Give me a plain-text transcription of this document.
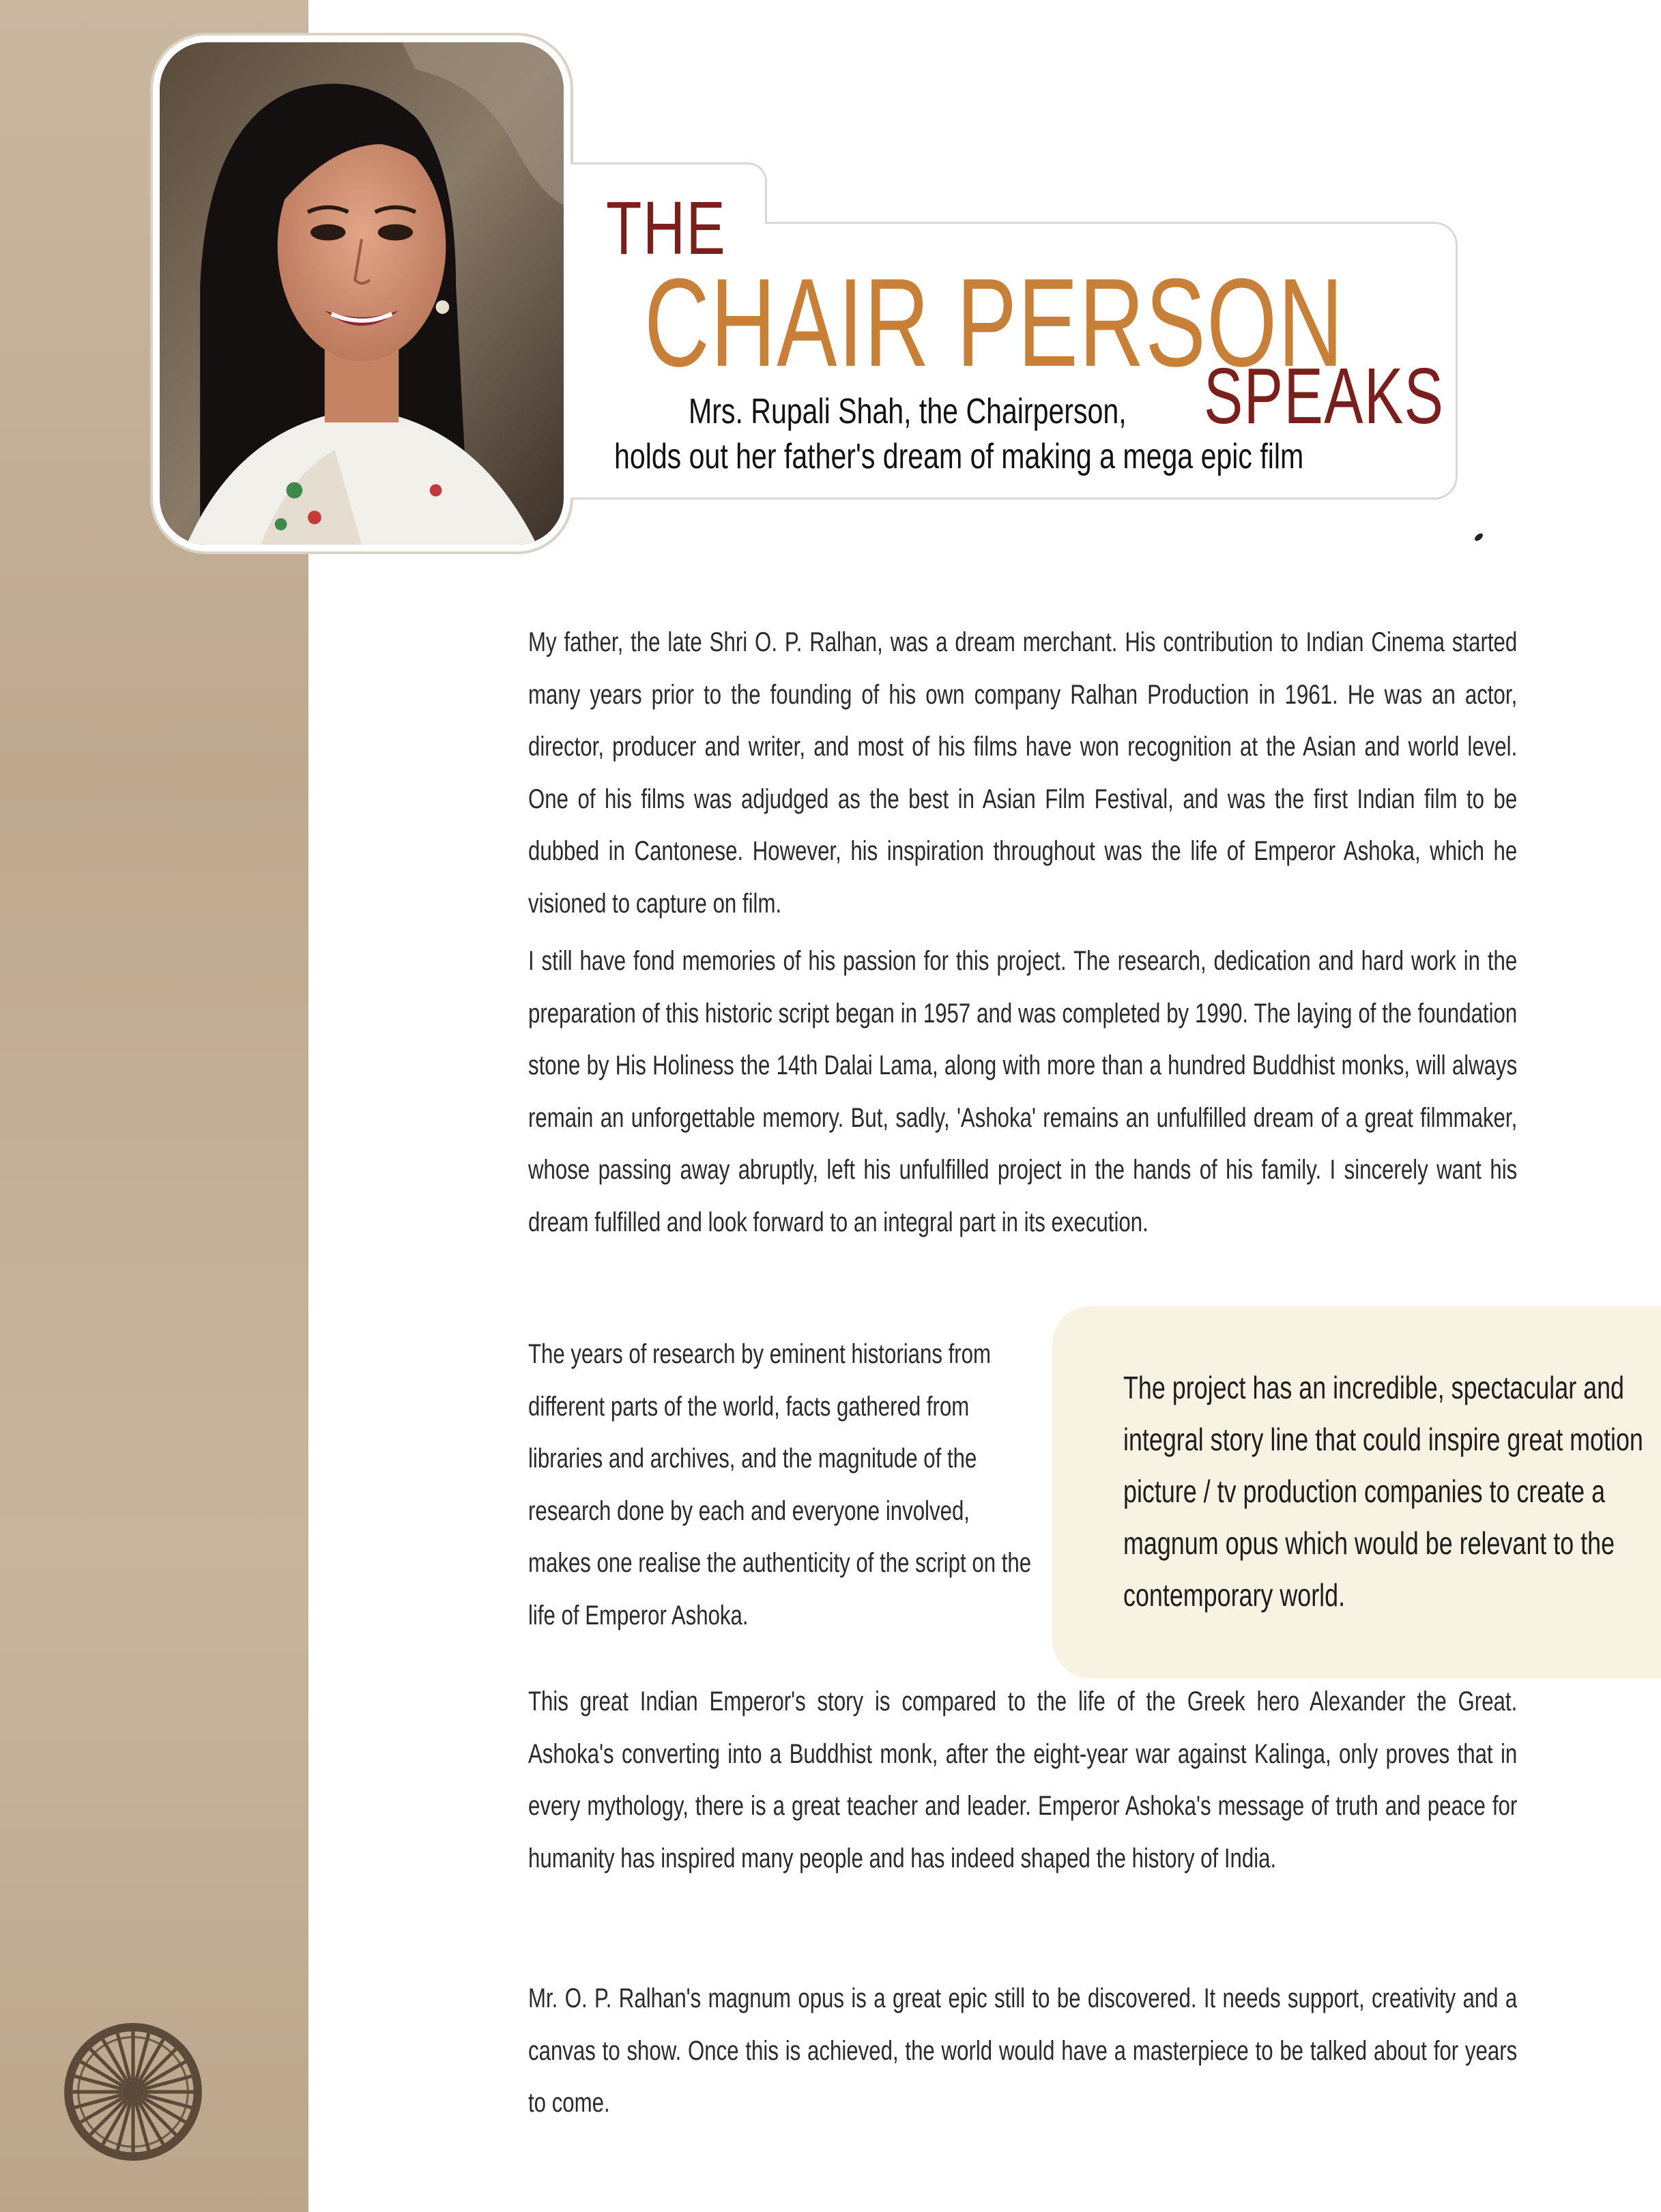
THE
CHAIR PERSON
SPEAKS
Mrs. Rupali Shah, the Chairperson,
holds out her father's dream of making a mega epic film

My father, the late Shri O. P. Ralhan, was a dream merchant. His contribution to Indian Cinema started many years prior to the founding of his own company Ralhan Production in 1961. He was an actor, director, producer and writer, and most of his films have won recognition at the Asian and world level. One of his films was adjudged as the best in Asian Film Festival, and was the first Indian film to be dubbed in Cantonese. However, his inspiration throughout was the life of Emperor Ashoka, which he visioned to capture on film.

I still have fond memories of his passion for this project. The research, dedication and hard work in the preparation of this historic script began in 1957 and was completed by 1990. The laying of the foundation stone by His Holiness the 14th Dalai Lama, along with more than a hundred Buddhist monks, will always remain an unforgettable memory. But, sadly, 'Ashoka' remains an unfulfilled dream of a great filmmaker, whose passing away abruptly, left his unfulfilled project in the hands of his family. I sincerely want his dream fulfilled and look forward to an integral part in its execution.

The years of research by eminent historians from different parts of the world, facts gathered from libraries and archives, and the magnitude of the research done by each and everyone involved, makes one realise the authenticity of the script on the life of Emperor Ashoka.

The project has an incredible, spectacular and
integral story line that could inspire great motion
picture / tv production companies to create a
magnum opus which would be relevant to the
contemporary world.

This great Indian Emperor's story is compared to the life of the Greek hero Alexander the Great. Ashoka's converting into a Buddhist monk, after the eight-year war against Kalinga, only proves that in every mythology, there is a great teacher and leader. Emperor Ashoka's message of truth and peace for humanity has inspired many people and has indeed shaped the history of India.

Mr. O. P. Ralhan's magnum opus is a great epic still to be discovered. It needs support, creativity and a canvas to show. Once this is achieved, the world would have a masterpiece to be talked about for years to come.
